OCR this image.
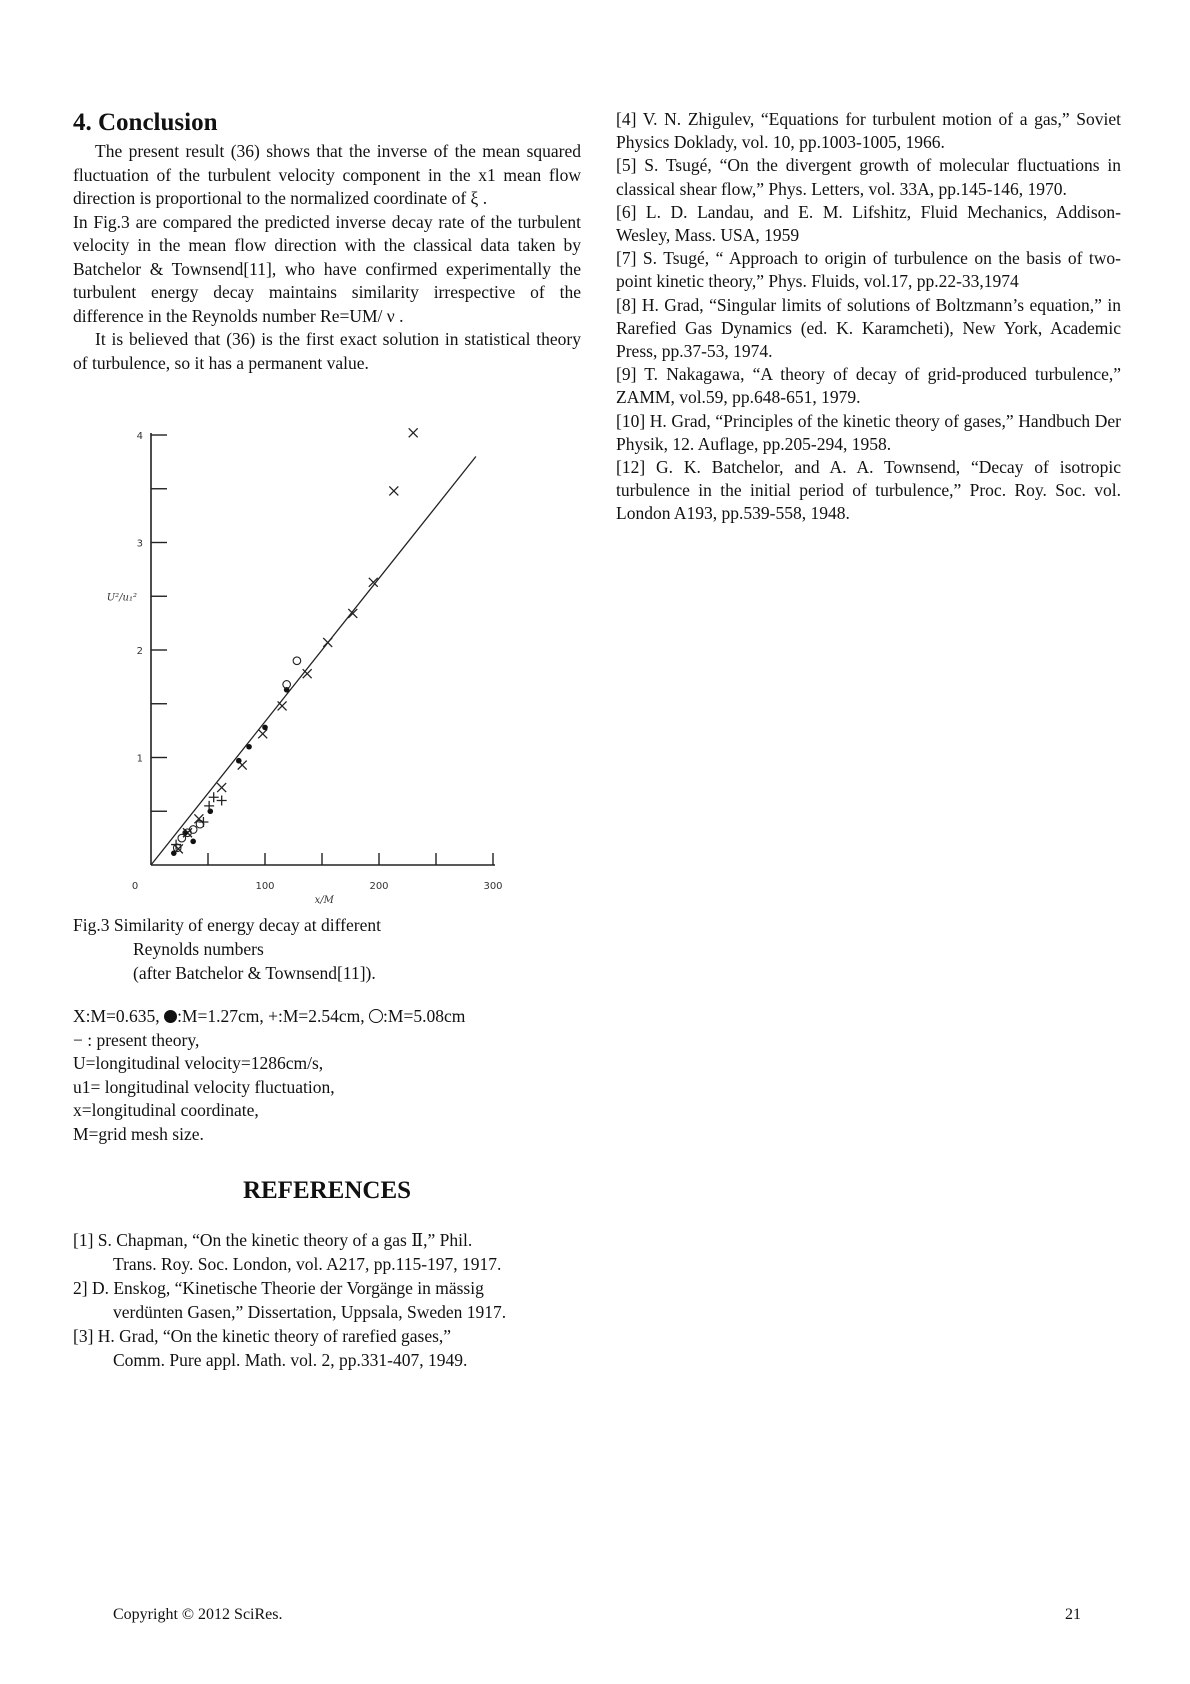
4. Conclusion

The present result (36) shows that the inverse of the mean squared fluctuation of the turbulent velocity component in the x1 mean flow direction is proportional to the normalized coordinate of ξ .

In Fig.3 are compared the predicted inverse decay rate of the turbulent velocity in the mean flow direction with the classical data taken by Batchelor & Townsend[11], who have confirmed experimentally the turbulent energy decay maintains similarity irrespective of the difference in the Reynolds number Re=UM/ ν .

It is believed that (36) is the first exact solution in statistical theory of turbulence, so it has a permanent value.

0	100	200	300
1
2
3
4
x/M
U²/u₁²
Fig.3 Similarity of energy decay at different
Reynolds numbers
(after Batchelor & Townsend[11]).
X:M=0.635, :M=1.27cm, +:M=2.54cm, :M=5.08cm
− : present theory,
U=longitudinal velocity=1286cm/s,
u1= longitudinal velocity fluctuation,
x=longitudinal coordinate,
M=grid mesh size.
REFERENCES
[1] S. Chapman, “On the kinetic theory of a gas Ⅱ,” Phil.
Trans. Roy. Soc. London, vol. A217, pp.115-197, 1917.
2] D. Enskog, “Kinetische Theorie der Vorgänge in mässig
verdünten Gasen,” Dissertation, Uppsala, Sweden 1917.
[3] H. Grad, “On the kinetic theory of rarefied gases,”
Comm. Pure appl. Math. vol. 2, pp.331-407, 1949.

[4] V. N. Zhigulev, “Equations for turbulent motion of a gas,” Soviet Physics Doklady, vol. 10, pp.1003-1005, 1966.

[5] S. Tsugé, “On the divergent growth of molecular fluctuations in classical shear flow,” Phys. Letters, vol. 33A, pp.145-146, 1970.

[6] L. D. Landau, and E. M. Lifshitz, Fluid Mechanics, Addison-Wesley, Mass. USA, 1959

[7] S. Tsugé, “ Approach to origin of turbulence on the basis of two-point kinetic theory,” Phys. Fluids, vol.17, pp.22-33,1974

[8] H. Grad, “Singular limits of solutions of Boltzmann’s equation,” in Rarefied Gas Dynamics (ed. K. Karamcheti), New York, Academic Press, pp.37-53, 1974.

[9] T. Nakagawa, “A theory of decay of grid-produced turbulence,” ZAMM, vol.59, pp.648-651, 1979.

[10] H. Grad, “Principles of the kinetic theory of gases,” Handbuch Der Physik, 12. Auflage, pp.205-294, 1958.

[12] G. K. Batchelor, and A. A. Townsend, “Decay of isotropic turbulence in the initial period of turbulence,” Proc. Roy. Soc. vol. London A193, pp.539-558, 1948.

Copyright © 2012 SciRes.	21
